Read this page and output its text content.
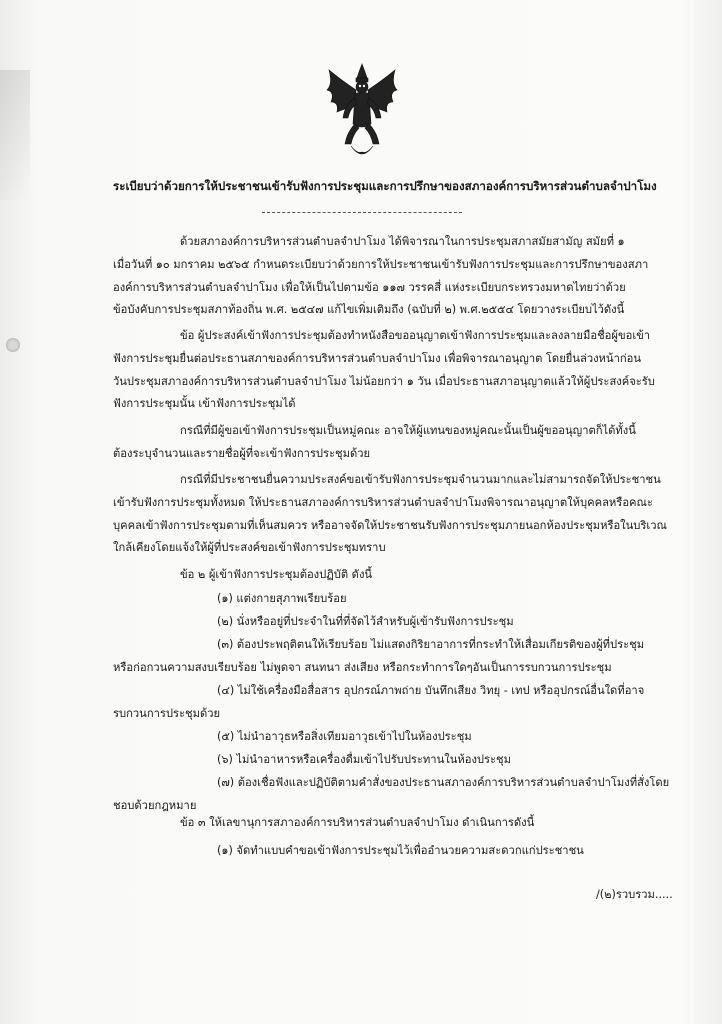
ระเบียบว่าด้วยการให้ประชาชนเข้ารับฟังการประชุมและการปรึกษาของสภาองค์การบริหารส่วนตำบลจำปาโมง
ด้วยสภาองค์การบริหารส่วนตำบลจำปาโมง ได้พิจารณาในการประชุมสภาสมัยสามัญ สมัยที่ ๑
เมื่อวันที่ ๑๐ มกราคม ๒๕๖๕ กำหนดระเบียบว่าด้วยการให้ประชาชนเข้ารับฟังการประชุมและการปรึกษาของสภา
องค์การบริหารส่วนตำบลจำปาโมง เพื่อให้เป็นไปตามข้อ ๑๑๗ วรรคสี่ แห่งระเบียบกระทรวงมหาดไทยว่าด้วย
ข้อบังคับการประชุมสภาท้องถิ่น พ.ศ. ๒๕๔๗ แก้ไขเพิ่มเติมถึง (ฉบับที่ ๒) พ.ศ.๒๕๕๔ โดยวางระเบียบไว้ดังนี้
ข้อ ผู้ประสงค์เข้าฟังการประชุมต้องทำหนังสือขออนุญาตเข้าฟังการประชุมและลงลายมือชื่อผู้ขอเข้า
ฟังการประชุมยื่นต่อประธานสภาของค์การบริหารส่วนตำบลจำปาโมง เพื่อพิจารณาอนุญาต โดยยื่นล่วงหน้าก่อน
วันประชุมสภาองค์การบริหารส่วนตำบลจำปาโมง ไม่น้อยกว่า ๑ วัน เมื่อประธานสภาอนุญาตแล้วให้ผู้ประสงค์จะรับ
ฟังการประชุมนั้น เข้าฟังการประชุมได้
กรณีที่มีผู้ขอเข้าฟังการประชุมเป็นหมู่คณะ อาจให้ผู้แทนของหมู่คณะนั้นเป็นผู้ขออนุญาตก็ได้ทั้งนี้
ต้องระบุจำนวนและรายชื่อผู้ที่จะเข้าฟังการประชุมด้วย
กรณีที่มีประชาชนยื่นความประสงค์ขอเข้ารับฟังการประชุมจำนวนมากและไม่สามารถจัดให้ประชาชน
เข้ารับฟังการประชุมทั้งหมด ให้ประธานสภาองค์การบริหารส่วนตำบลจำปาโมงพิจารณาอนุญาตให้บุคคลหรือคณะ
บุคคลเข้าฟังการประชุมตามที่เห็นสมควร หรืออาจจัดให้ประชาชนรับฟังการประชุมภายนอกห้องประชุมหรือในบริเวณ
ใกล้เคียงโดยแจ้งให้ผู้ที่ประสงค์ขอเข้าฟังการประชุมทราบ
ข้อ ๒ ผู้เข้าฟังการประชุมต้องปฏิบัติ ดังนี้
(๑) แต่งกายสุภาพเรียบร้อย
(๒) นั่งหรืออยู่ที่ประจำในที่ที่จัดไว้สำหรับผู้เข้ารับฟังการประชุม
(๓) ต้องประพฤติตนให้เรียบร้อย ไม่แสดงกิริยาอาการที่กระทำให้เสื่อมเกียรติของผู้ที่ประชุม
หรือก่อกวนความสงบเรียบร้อย ไม่พูดจา สนทนา ส่งเสียง หรือกระทำการใดๆอันเป็นการรบกวนการประชุม
(๔) ไม่ใช้เครื่องมือสื่อสาร อุปกรณ์ภาพถ่าย บันทึกเสียง วิทยุ - เทป หรืออุปกรณ์อื่นใดที่อาจ
รบกวนการประชุมด้วย
(๕) ไม่นำอาวุธหรือสิ่งเทียมอาวุธเข้าไปในห้องประชุม
(๖) ไม่นำอาหารหรือเครื่องดื่มเข้าไปรับประทานในห้องประชุม
(๗) ต้องเชื่อฟังและปฏิบัติตามคำสั่งของประธานสภาองค์การบริหารส่วนตำบลจำปาโมงที่สั่งโดย
ชอบด้วยกฎหมาย
ข้อ ๓ ให้เลขานุการสภาองค์การบริหารส่วนตำบลจำปาโมง ดำเนินการดังนี้
(๑) จัดทำแบบคำขอเข้าฟังการประชุมไว้เพื่ออำนวยความสะดวกแก่ประชาชน
/(๒)รวบรวม.....
